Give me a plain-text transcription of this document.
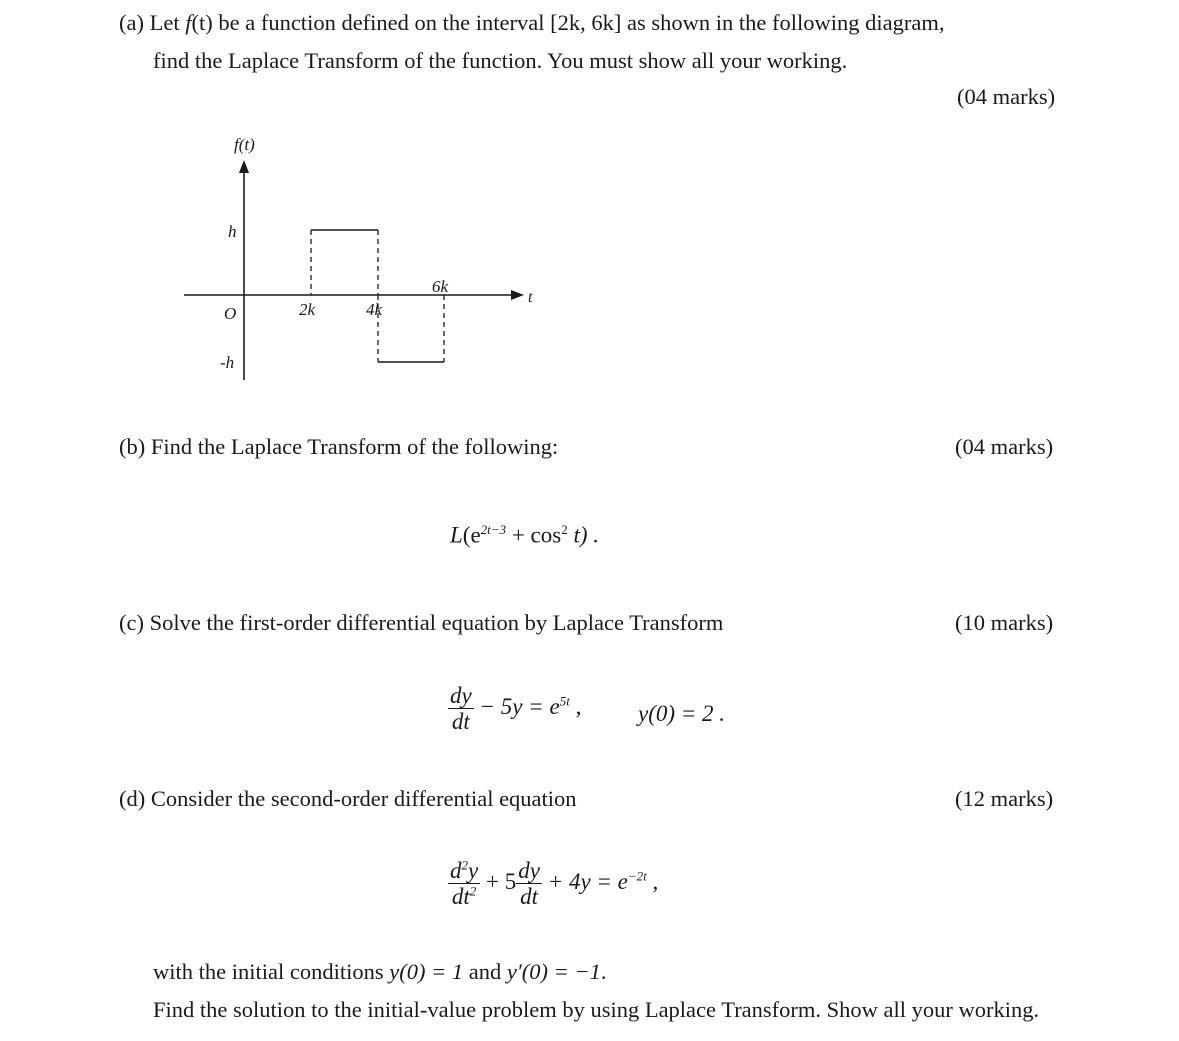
(a) Let f(t) be a function defined on the interval [2k, 6k] as shown in the following diagram,
find the Laplace Transform of the function. You must show all your working.
(04 marks)
f(t)
t
h
O
-h
2k	4k
6k
(b) Find the Laplace Transform of the following:	(04 marks)
$L(e^{2t-3} + \cos^2 t)$ .
(c) Solve the first-order differential equation by Laplace Transform	(10 marks)
$\frac{dy}{dt} - 5y = e^{5t}$ , y(0) = 2 .
(d) Consider the second-order differential equation	(12 marks)
$\frac{d^2y}{dt^2} + 5 \frac{dy}{dt} + 4y = e^{-2t}$ ,
with the initial conditions y(0) = 1 and y′(0) = −1.
Find the solution to the initial-value problem by using Laplace Transform. Show all your working.
